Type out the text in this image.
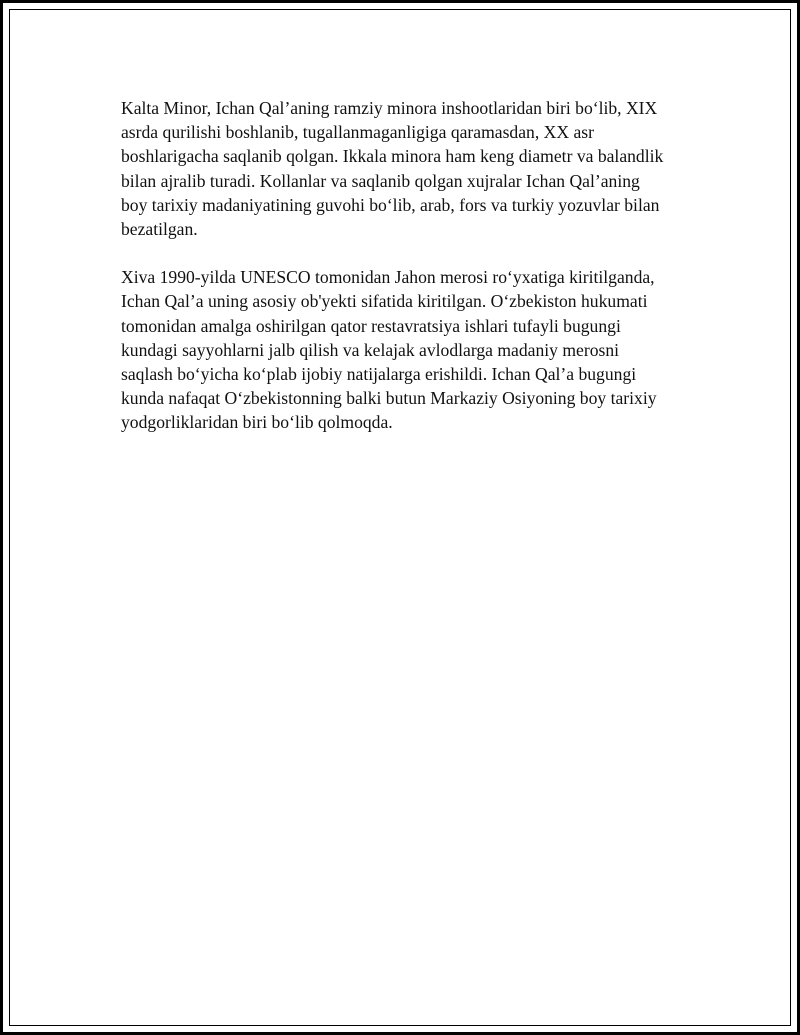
Kalta Minor, Ichan Qal’aning ramziy minora inshootlaridan biri bo‘lib, XIX
asrda qurilishi boshlanib, tugallanmaganligiga qaramasdan, XX asr
boshlarigacha saqlanib qolgan. Ikkala minora ham keng diametr va balandlik
bilan ajralib turadi. Kollanlar va saqlanib qolgan xujralar Ichan Qal’aning
boy tarixiy madaniyatining guvohi bo‘lib, arab, fors va turkiy yozuvlar bilan
bezatilgan.

Xiva 1990-yilda UNESCO tomonidan Jahon merosi ro‘yxatiga kiritilganda,
Ichan Qal’a uning asosiy ob'yekti sifatida kiritilgan. O‘zbekiston hukumati
tomonidan amalga oshirilgan qator restavratsiya ishlari tufayli bugungi
kundagi sayyohlarni jalb qilish va kelajak avlodlarga madaniy merosni
saqlash bo‘yicha ko‘plab ijobiy natijalarga erishildi. Ichan Qal’a bugungi
kunda nafaqat O‘zbekistonning balki butun Markaziy Osiyoning boy tarixiy
yodgorliklaridan biri bo‘lib qolmoqda.
